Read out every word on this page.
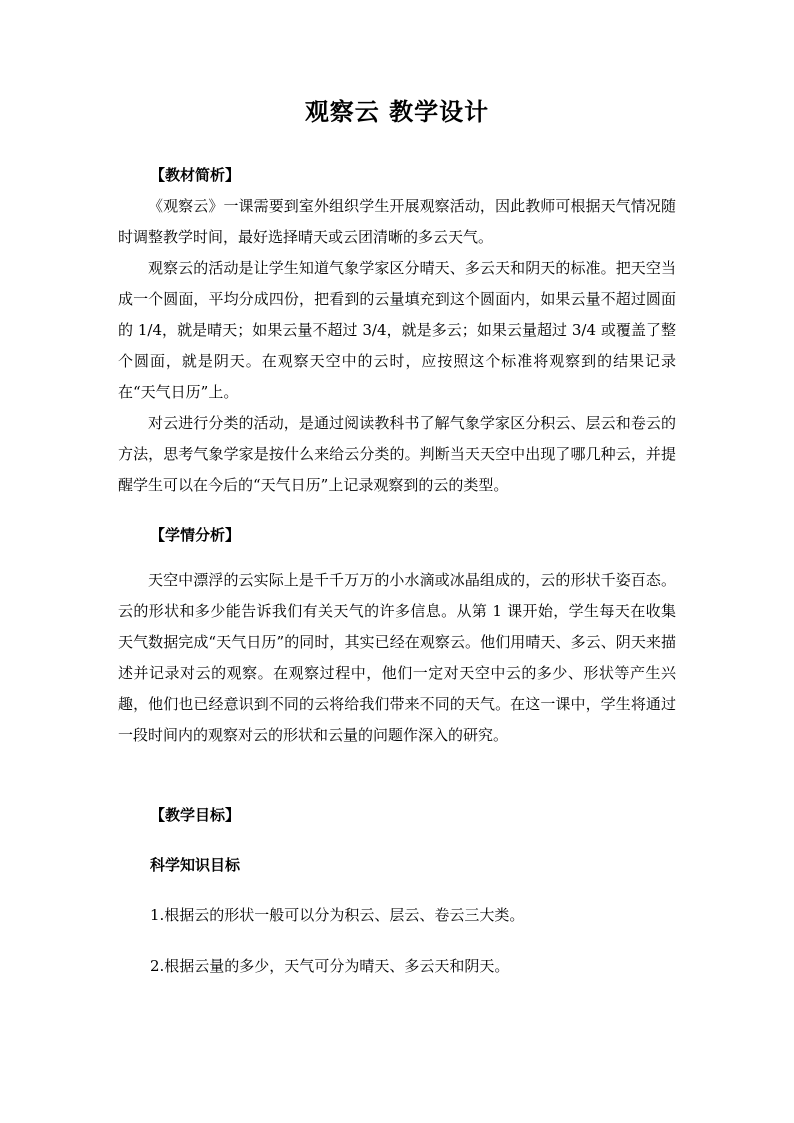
观察云 教学设计
【教材简析】
《观察云》一课需要到室外组织学生开展观察活动，因此教师可根据天气情况随时调整教学时间，最好选择晴天或云团清晰的多云天气。
观察云的活动是让学生知道气象学家区分晴天、多云天和阴天的标准。把天空当成一个圆面，平均分成四份，把看到的云量填充到这个圆面内，如果云量不超过圆面的 1/4，就是晴天；如果云量不超过 3/4，就是多云；如果云量超过 3/4 或覆盖了整个圆面，就是阴天。在观察天空中的云时，应按照这个标准将观察到的结果记录在“天气日历”上。
对云进行分类的活动，是通过阅读教科书了解气象学家区分积云、层云和卷云的方法，思考气象学家是按什么来给云分类的。判断当天天空中出现了哪几种云，并提醒学生可以在今后的“天气日历”上记录观察到的云的类型。
【学情分析】
天空中漂浮的云实际上是千千万万的小水滴或冰晶组成的，云的形状千姿百态。云的形状和多少能告诉我们有关天气的许多信息。从第 1 课开始，学生每天在收集天气数据完成“天气日历”的同时，其实已经在观察云。他们用晴天、多云、阴天来描述并记录对云的观察。在观察过程中，他们一定对天空中云的多少、形状等产生兴趣，他们也已经意识到不同的云将给我们带来不同的天气。在这一课中，学生将通过一段时间内的观察对云的形状和云量的问题作深入的研究。
【教学目标】
科学知识目标
1.根据云的形状一般可以分为积云、层云、卷云三大类。
2.根据云量的多少，天气可分为晴天、多云天和阴天。
